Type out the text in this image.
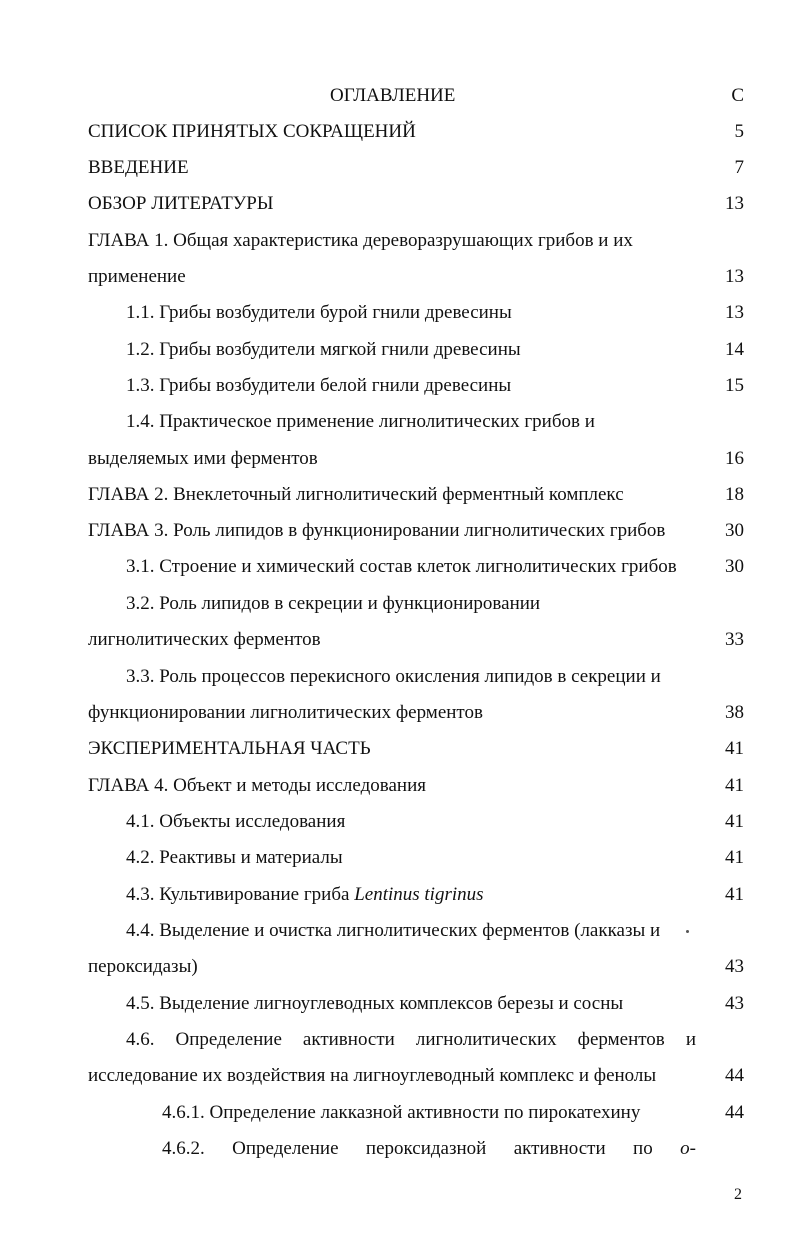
ОГЛАВЛЕНИЕ	С
СПИСОК ПРИНЯТЫХ СОКРАЩЕНИЙ	5
ВВЕДЕНИЕ	7
ОБЗОР ЛИТЕРАТУРЫ	13
ГЛАВА 1. Общая характеристика дереворазрушающих грибов и их
применение	13
1.1. Грибы возбудители бурой гнили древесины	13
1.2. Грибы возбудители мягкой гнили древесины	14
1.3. Грибы возбудители белой гнили древесины	15
1.4. Практическое применение лигнолитических грибов и
выделяемых ими ферментов	16
ГЛАВА 2. Внеклеточный лигнолитический ферментный комплекс	18
ГЛАВА 3. Роль липидов в функционировании лигнолитических грибов	30
3.1. Строение и химический состав клеток лигнолитических грибов	30
3.2. Роль липидов в секреции и функционировании
лигнолитических ферментов	33
3.3. Роль процессов перекисного окисления липидов в секреции и
функционировании лигнолитических ферментов	38
ЭКСПЕРИМЕНТАЛЬНАЯ ЧАСТЬ	41
ГЛАВА 4. Объект и методы исследования	41
4.1. Объекты исследования	41
4.2. Реактивы и материалы	41
4.3. Культивирование гриба Lentinus tigrinus	41
4.4. Выделение и очистка лигнолитических ферментов (лакказы и
пероксидазы)	43
4.5. Выделение лигноуглеводных комплексов березы и сосны	43
4.6. Определение активности лигнолитических ферментов и
исследование их воздействия на лигноуглеводный комплекс и фенолы	44
4.6.1. Определение лакказной активности по пирокатехину	44
4.6.2. Определение пероксидазной активности по о-
2
